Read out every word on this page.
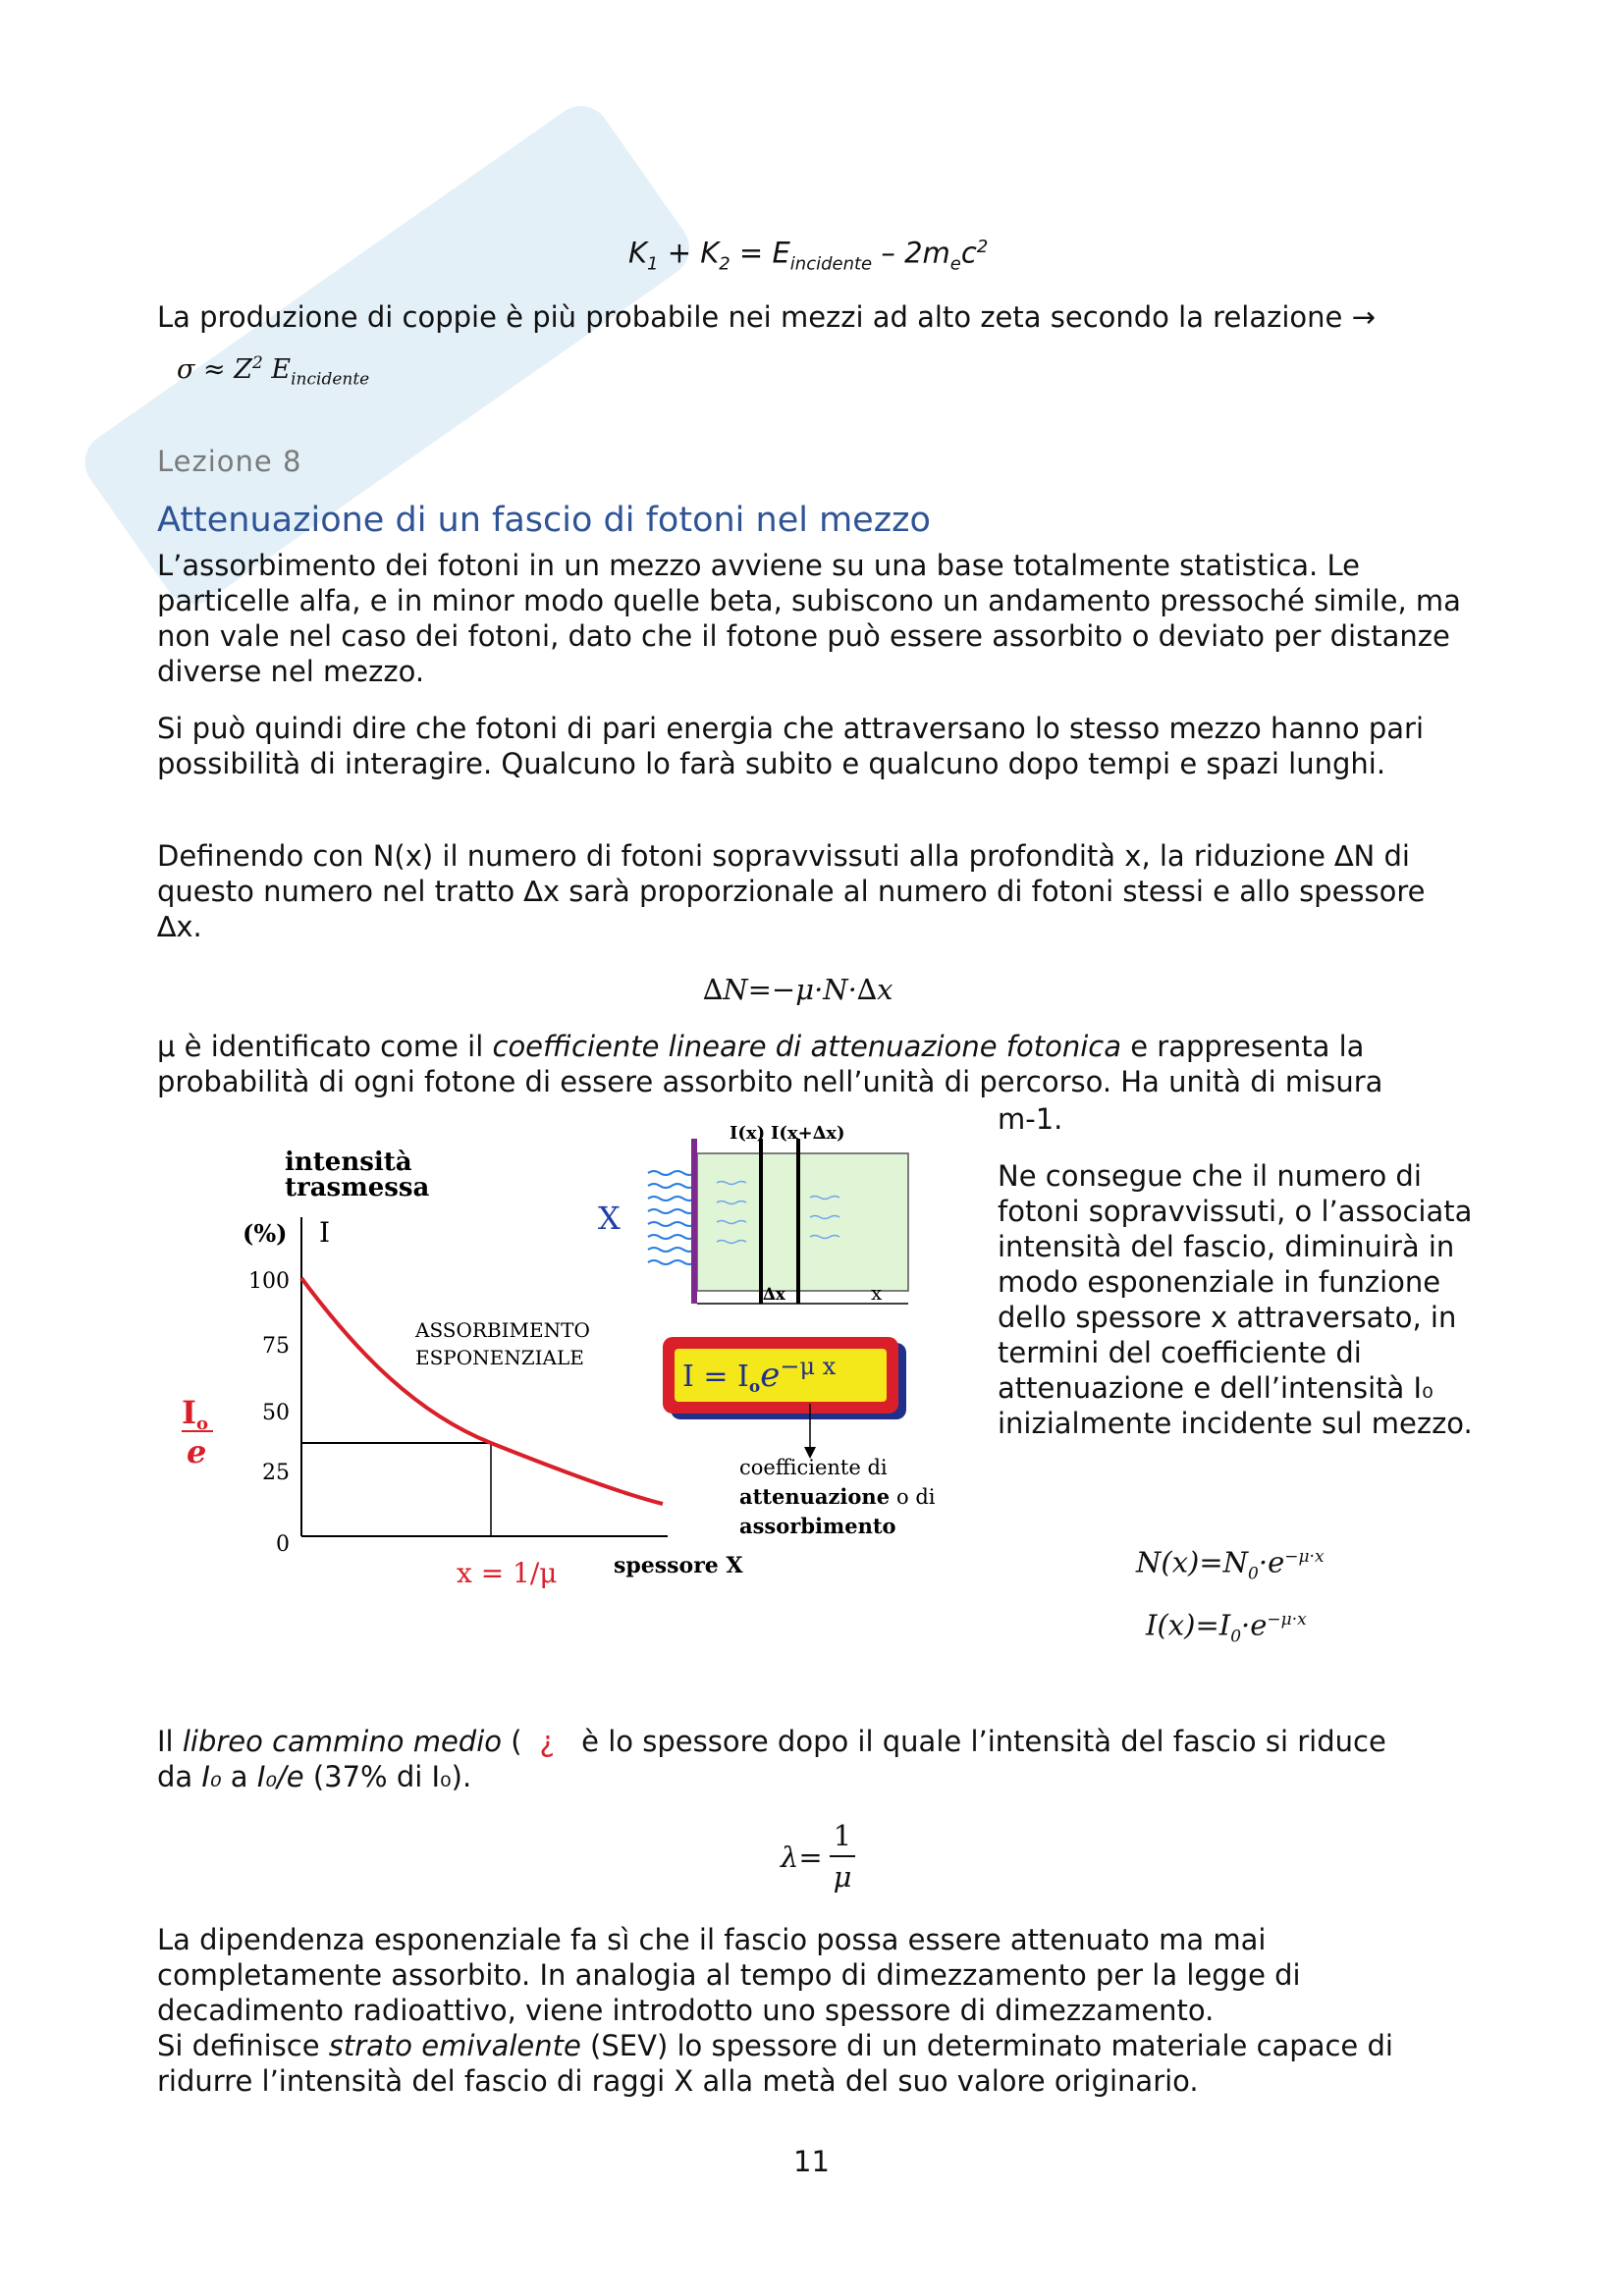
$K_1 + K_2 = E_{incidente} - 2m_ec^2$
La produzione di coppie è più probabile nei mezzi ad alto zeta secondo la relazione →
$\sigma \approx Z^2$ $E_{incidente}$
Lezione 8
Attenuazione di un fascio di fotoni nel mezzo
L’assorbimento dei fotoni in un mezzo avviene su una base totalmente statistica. Le particelle alfa, e in minor modo quelle beta, subiscono un andamento pressoché simile, ma non vale nel caso dei fotoni, dato che il fotone può essere assorbito o deviato per distanze diverse nel mezzo.
Si può quindi dire che fotoni di pari energia che attraversano lo stesso mezzo hanno pari possibilità di interagire. Qualcuno lo farà subito e qualcuno dopo tempi e spazi lunghi.
Definendo con N(x) il numero di fotoni sopravvissuti alla profondità x, la riduzione ∆N di questo numero nel tratto ∆x sarà proporzionale al numero di fotoni stessi e allo spessore ∆x.
∆N=−μ·N·∆x
μ è identificato come il coefficiente lineare di attenuazione fotonica e rappresenta la probabilità di ogni fotone di essere assorbito nell’unità di percorso. Ha unità di misura
m-1.
intensità
trasmessa
(%) I
100
75
50
25
0
Io
e
ASSORBIMENTO
ESPONENZIALE
x = 1/μ	spessore X
X
I(x) I(x+∆x)
∆x	x
$I = I_oe^{-\mu x}$
coefficiente di
attenuazione o di
assorbimento
Ne consegue che il numero di fotoni sopravvissuti, o l’associata intensità del fascio, diminuirà in modo esponenziale in funzione dello spessore x attraversato, in termini del coefficiente di attenuazione e dell’intensità I₀ inizialmente incidente sul mezzo.
$N(x)=N_0\cdot e^{-\mu\cdot x}$
$I(x)=I_0\cdot e^{-\mu\cdot x}$
Il libreo cammino medio ( ¿ è lo spessore dopo il quale l’intensità del fascio si riduce
da I₀ a I₀/e (37% di I₀).
λ=
1
μ
La dipendenza esponenziale fa sì che il fascio possa essere attenuato ma mai completamente assorbito. In analogia al tempo di dimezzamento per la legge di decadimento radioattivo, viene introdotto uno spessore di dimezzamento.
Si definisce strato emivalente (SEV) lo spessore di un determinato materiale capace di ridurre l’intensità del fascio di raggi X alla metà del suo valore originario.
11
